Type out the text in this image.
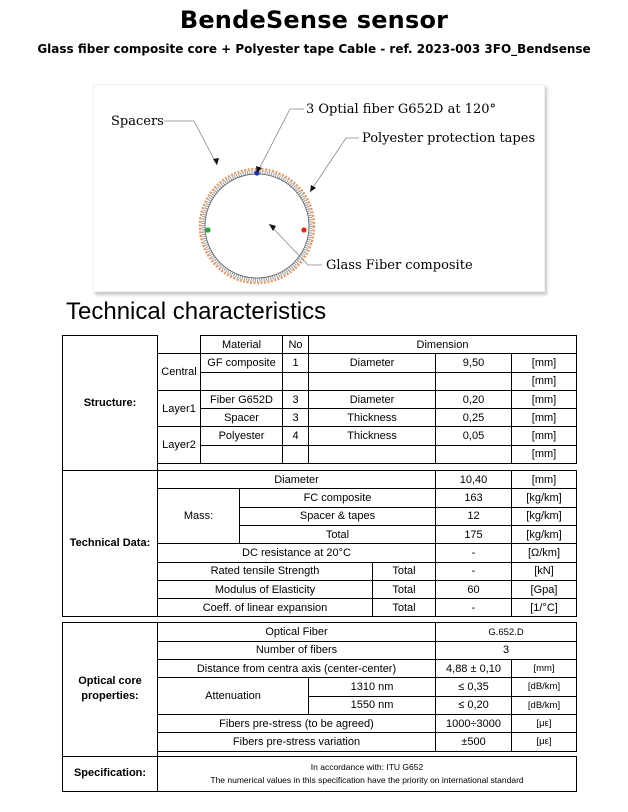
BendeSense sensor
Glass fiber composite core + Polyester tape Cable - ref. 2023-003 3FO_Bendsense
Spacers
3 Optial fiber G652D at 120°
Polyester protection tapes
Glass Fiber composite
Technical characteristics
Structure:		Material		No	Dimension			
	Central	GF composite		1	Diameter		9,50	[mm]
								[mm]
	Layer1	Fiber G652D		3	Diameter		0,20	[mm]
		Spacer		3	Thickness		0,25	[mm]
	Layer2	Polyester		4	Thickness		0,05	[mm]
								[mm]

Technical Data:	Diameter						10,40	[mm]
	Mass:		FC composite				163	[kg/km]
			Spacer & tapes				12	[kg/km]
			Total				175	[kg/km]
	DC resistance at 20°C						-	[Ω/km]
	Rated tensile Strength					Total	-	[kN]
	Modulus of Elasticity					Total	60	[Gpa]
	Coeff. of linear expansion					Total	-	[1/°C]

Optical core properties:	Optical Fiber						G.652.D	
	Number of fibers						3	
	Distance from centra axis (center-center)						4,88 ± 0,10	[mm]
	Attenuation				1310 nm		≤ 0,35	[dB/km]
					1550 nm		≤ 0,20	[dB/km]
	Fibers pre-stress (to be agreed)						1000÷3000	[με]
	Fibers pre-stress variation						±500	[με]

Specification:	In accordance with: ITU G652
The numerical values in this specification have the priority on international standard							
